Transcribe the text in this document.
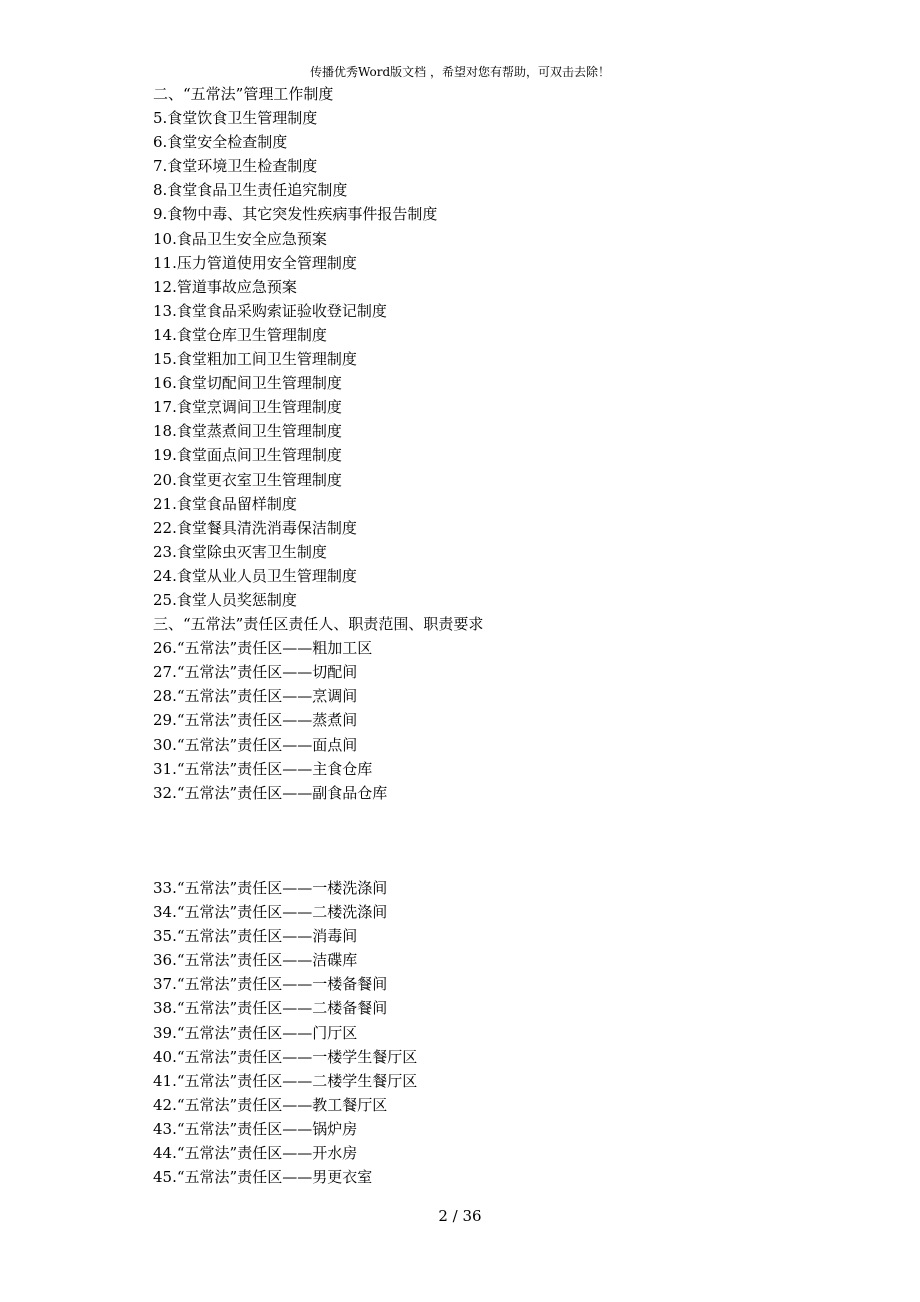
传播优秀Word版文档 ，希望对您有帮助，可双击去除！
二、“五常法”管理工作制度
5.食堂饮食卫生管理制度
6.食堂安全检查制度
7.食堂环境卫生检查制度
8.食堂食品卫生责任追究制度
9.食物中毒、其它突发性疾病事件报告制度
10.食品卫生安全应急预案
11.压力管道使用安全管理制度
12.管道事故应急预案
13.食堂食品采购索证验收登记制度
14.食堂仓库卫生管理制度
15.食堂粗加工间卫生管理制度
16.食堂切配间卫生管理制度
17.食堂烹调间卫生管理制度
18.食堂蒸煮间卫生管理制度
19.食堂面点间卫生管理制度
20.食堂更衣室卫生管理制度
21.食堂食品留样制度
22.食堂餐具清洗消毒保洁制度
23.食堂除虫灭害卫生制度
24.食堂从业人员卫生管理制度
25.食堂人员奖惩制度
三、“五常法”责任区责任人、职责范围、职责要求
26.“五常法”责任区——粗加工区
27.“五常法”责任区——切配间
28.“五常法”责任区——烹调间
29.“五常法”责任区——蒸煮间
30.“五常法”责任区——面点间
31.“五常法”责任区——主食仓库
32.“五常法”责任区——副食品仓库
33.“五常法”责任区——一楼洗涤间
34.“五常法”责任区——二楼洗涤间
35.“五常法”责任区——消毒间
36.“五常法”责任区——洁碟库
37.“五常法”责任区——一楼备餐间
38.“五常法”责任区——二楼备餐间
39.“五常法”责任区——门厅区
40.“五常法”责任区——一楼学生餐厅区
41.“五常法”责任区——二楼学生餐厅区
42.“五常法”责任区——教工餐厅区
43.“五常法”责任区——锅炉房
44.“五常法”责任区——开水房
45.“五常法”责任区——男更衣室
2 / 36
